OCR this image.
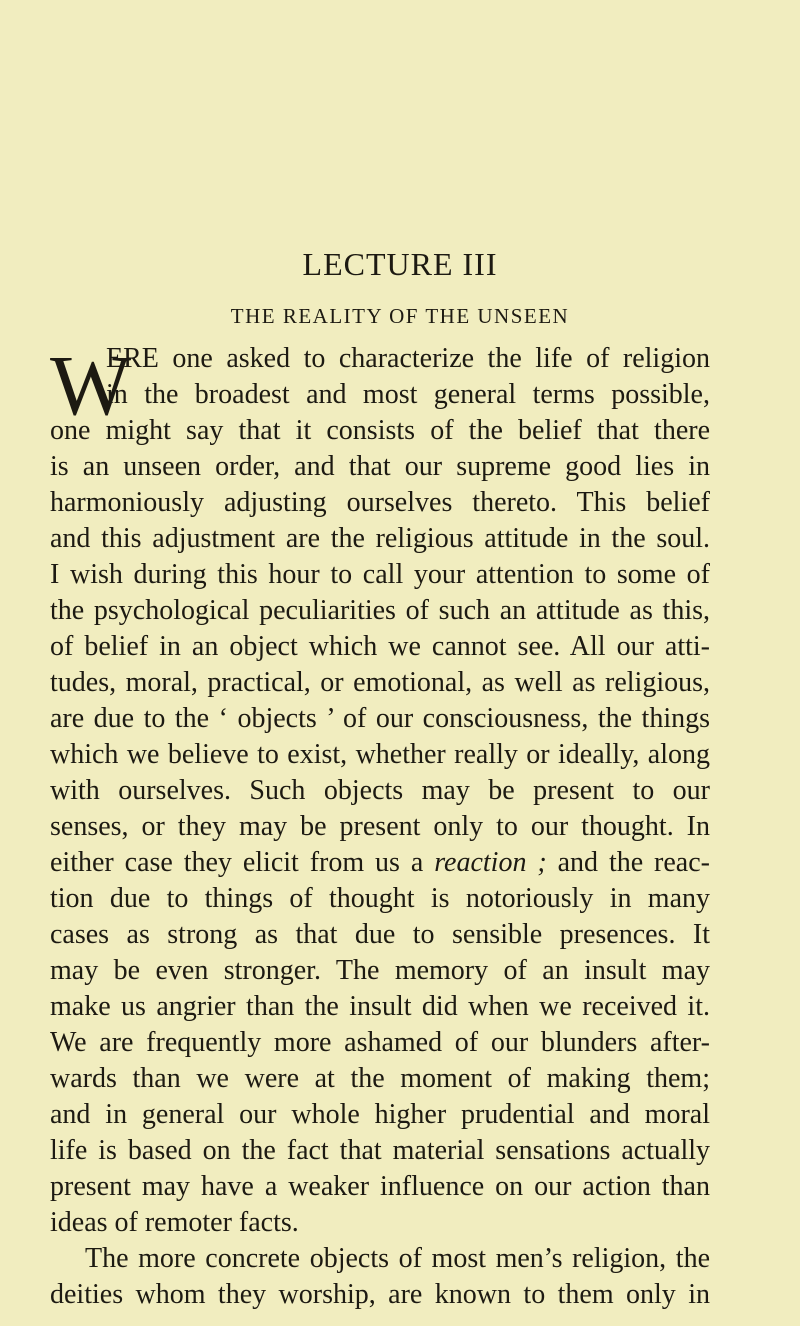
LECTURE III
THE REALITY OF THE UNSEEN
W
ERE one asked to characterize the life of religion
in the broadest and most general terms possible,
one might say that it consists of the belief that there
is an unseen order, and that our supreme good lies in
harmoniously adjusting ourselves thereto. This belief
and this adjustment are the religious attitude in the soul.
I wish during this hour to call your attention to some of
the psychological peculiarities of such an attitude as this,
of belief in an object which we cannot see. All our atti-
tudes, moral, practical, or emotional, as well as religious,
are due to the ‘ objects ’ of our consciousness, the things
which we believe to exist, whether really or ideally, along
with ourselves. Such objects may be present to our
senses, or they may be present only to our thought. In
either case they elicit from us a reaction ; and the reac-
tion due to things of thought is notoriously in many
cases as strong as that due to sensible presences. It
may be even stronger. The memory of an insult may
make us angrier than the insult did when we received it.
We are frequently more ashamed of our blunders after-
wards than we were at the moment of making them;
and in general our whole higher prudential and moral
life is based on the fact that material sensations actually
present may have a weaker influence on our action than
ideas of remoter facts.
The more concrete objects of most men’s religion, the
deities whom they worship, are known to them only in
